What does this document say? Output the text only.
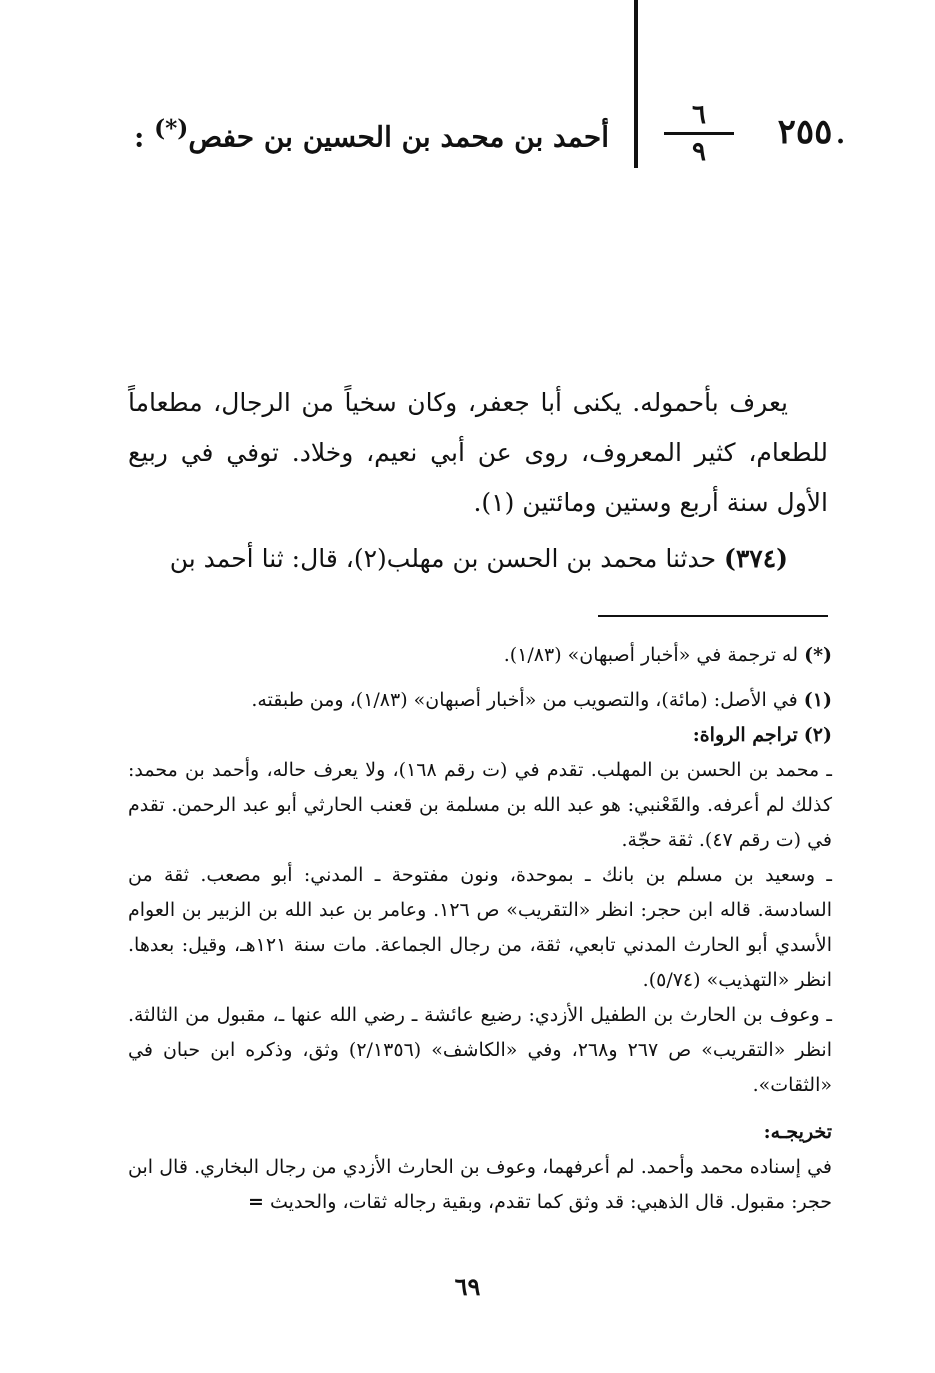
.
٢٥٥
٦
٩
أحمد بن محمد بن الحسين بن حفص(*) :

يعرف بأحموله. يكنى أبا جعفر، وكان سخياً من الرجال، مطعاماً للطعام، كثير المعروف، روى عن أبي نعيم، وخلاد. توفي في ربيع الأول سنة أربع وستين ومائتين (١).

(٣٧٤) حدثنا محمد بن الحسن بن مهلب(٢)، قال: ثنا أحمد بن

(*) له ترجمة في «أخبار أصبهان» (١/٨٣).

(١) في الأصل: (مائة)، والتصويب من «أخبار أصبهان» (١/٨٣)، ومن طبقته.

(٢) تراجم الرواة:

ـ محمد بن الحسن بن المهلب. تقدم في (ت رقم ١٦٨)، ولا يعرف حاله، وأحمد بن محمد: كذلك لم أعرفه. والقَعْنبي: هو عبد الله بن مسلمة بن قعنب الحارثي أبو عبد الرحمن. تقدم في (ت رقم ٤٧). ثقة حجّة.

ـ وسعيد بن مسلم بن بانك ـ بموحدة، ونون مفتوحة ـ المدني: أبو مصعب. ثقة من السادسة. قاله ابن حجر: انظر «التقريب» ص ١٢٦. وعامر بن عبد الله بن الزبير بن العوام الأسدي أبو الحارث المدني تابعي، ثقة، من رجال الجماعة. مات سنة ١٢١هـ، وقيل: بعدها. انظر «التهذيب» (٥/٧٤).

ـ وعوف بن الحارث بن الطفيل الأزدي: رضيع عائشة ـ رضي الله عنها ـ، مقبول من الثالثة. انظر «التقريب» ص ٢٦٧ و٢٦٨، وفي «الكاشف» (٢/١٣٥٦) وثق، وذكره ابن حبان في «الثقات».

تخريجـه:

في إسناده محمد وأحمد. لم أعرفهما، وعوف بن الحارث الأزدي من رجال البخاري. قال ابن حجر: مقبول. قال الذهبي: قد وثق كما تقدم، وبقية رجاله ثقات، والحديث =

٦٩
